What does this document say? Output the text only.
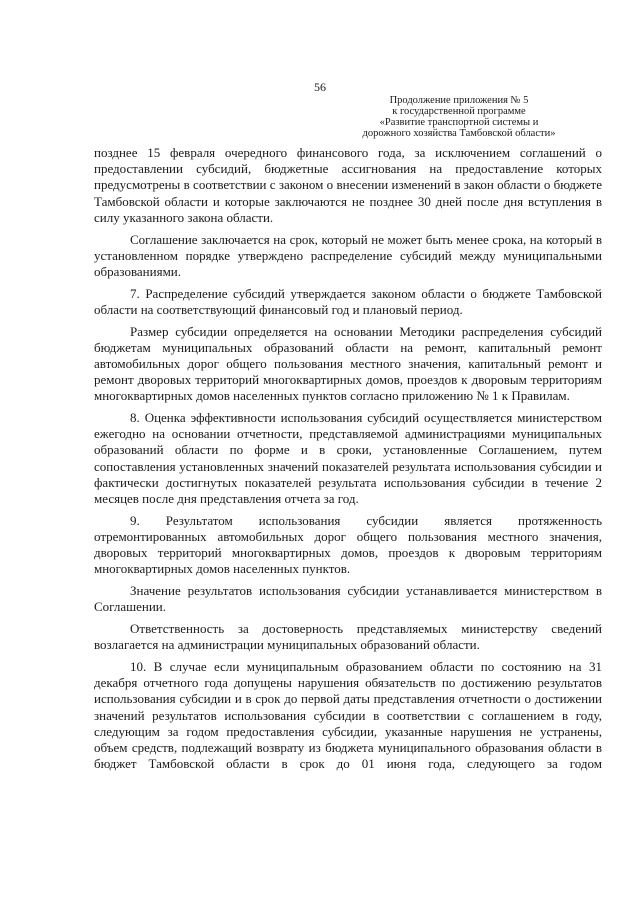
56
Продолжение приложения № 5
к государственной программе
«Развитие транспортной системы и
дорожного хозяйства Тамбовской области»

позднее 15 февраля очередного финансового года, за исключением соглашений о предоставлении субсидий, бюджетные ассигнования на предоставление которых предусмотрены в соответствии с законом о внесении изменений в закон области о бюджете Тамбовской области и которые заключаются не позднее 30 дней после дня вступления в силу указанного закона области.

Соглашение заключается на срок, который не может быть менее срока, на который в установленном порядке утверждено распределение субсидий между муниципальными образованиями.

7. Распределение субсидий утверждается законом области о бюджете Тамбовской области на соответствующий финансовый год и плановый период.

Размер субсидии определяется на основании Методики распределения субсидий бюджетам муниципальных образований области на ремонт, капитальный ремонт автомобильных дорог общего пользования местного значения, капитальный ремонт и ремонт дворовых территорий многоквартирных домов, проездов к дворовым территориям многоквартирных домов населенных пунктов согласно приложению № 1 к Правилам.

8. Оценка эффективности использования субсидий осуществляется министерством ежегодно на основании отчетности, представляемой администрациями муниципальных образований области по форме и в сроки, установленные Соглашением, путем сопоставления установленных значений показателей результата использования субсидии и фактически достигнутых показателей результата использования субсидии в течение 2 месяцев после дня представления отчета за год.

9. Результатом использования субсидии является протяженность отремонтированных автомобильных дорог общего пользования местного значения, дворовых территорий многоквартирных домов, проездов к дворовым территориям многоквартирных домов населенных пунктов.

Значение результатов использования субсидии устанавливается министерством в Соглашении.

Ответственность за достоверность представляемых министерству сведений возлагается на администрации муниципальных образований области.

10. В случае если муниципальным образованием области по состоянию на 31 декабря отчетного года допущены нарушения обязательств по достижению результатов использования субсидии и в срок до первой даты представления отчетности о достижении значений результатов использования субсидии в соответствии с соглашением в году, следующим за годом предоставления субсидии, указанные нарушения не устранены, объем средств, подлежащий возврату из бюджета муниципального образования области в бюджет Тамбовской области в срок до 01 июня года, следующего за годом
